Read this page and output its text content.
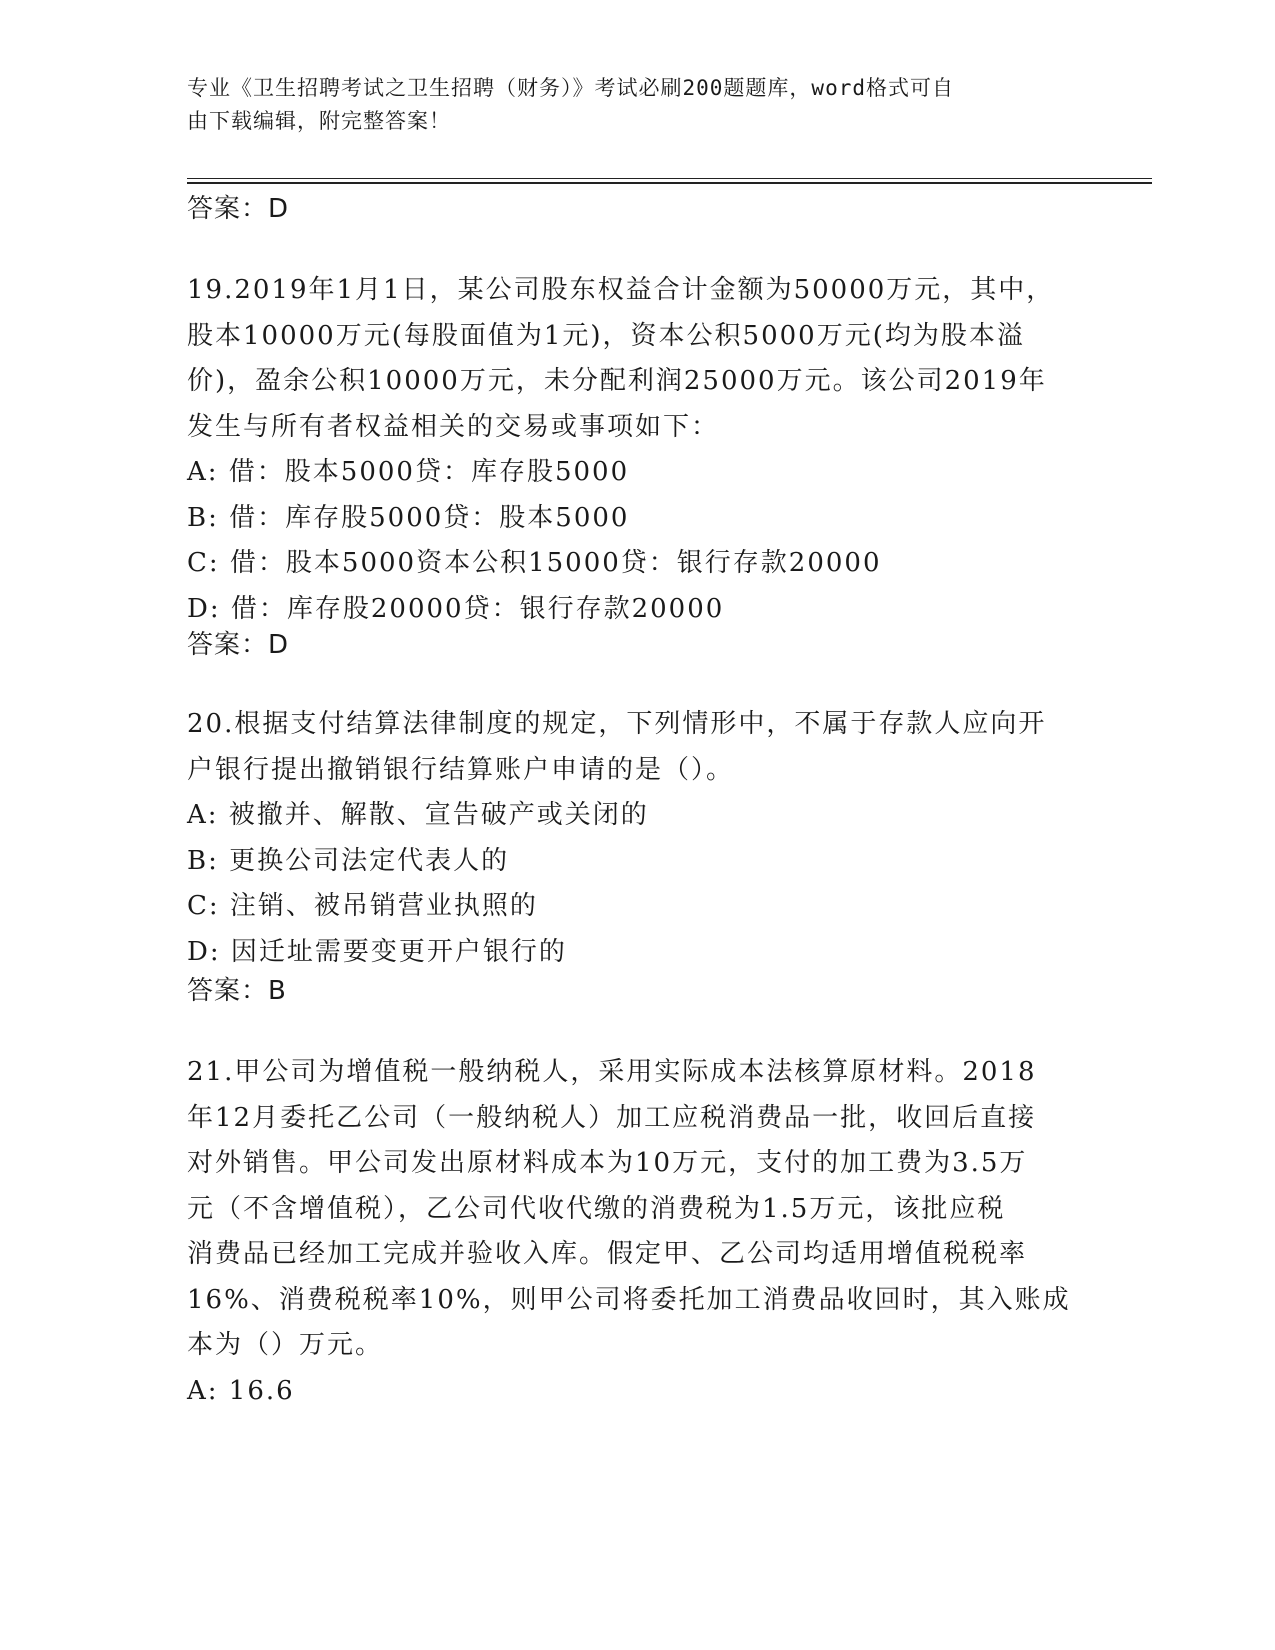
专业《卫生招聘考试之卫生招聘（财务）》考试必刷200题题库，word格式可自
由下载编辑，附完整答案！
答案：D

19.2019年1月1日，某公司股东权益合计金额为50000万元，其中，

股本10000万元(每股面值为1元)，资本公积5000万元(均为股本溢

价)，盈余公积10000万元，未分配利润25000万元。该公司2019年

发生与所有者权益相关的交易或事项如下：

A: 借：股本5000贷：库存股5000

B: 借：库存股5000贷：股本5000

C: 借：股本5000资本公积15000贷：银行存款20000

D: 借：库存股20000贷：银行存款20000

答案：D

20.根据支付结算法律制度的规定，下列情形中，不属于存款人应向开

户银行提出撤销银行结算账户申请的是（）。

A: 被撤并、解散、宣告破产或关闭的

B: 更换公司法定代表人的

C: 注销、被吊销营业执照的

D: 因迁址需要变更开户银行的

答案：B

21.甲公司为增值税一般纳税人，采用实际成本法核算原材料。2018

年12月委托乙公司（一般纳税人）加工应税消费品一批，收回后直接

对外销售。甲公司发出原材料成本为10万元，支付的加工费为3.5万

元（不含增值税），乙公司代收代缴的消费税为1.5万元，该批应税

消费品已经加工完成并验收入库。假定甲、乙公司均适用增值税税率

16%、消费税税率10%，则甲公司将委托加工消费品收回时，其入账成

本为（）万元。

A: 16.6
